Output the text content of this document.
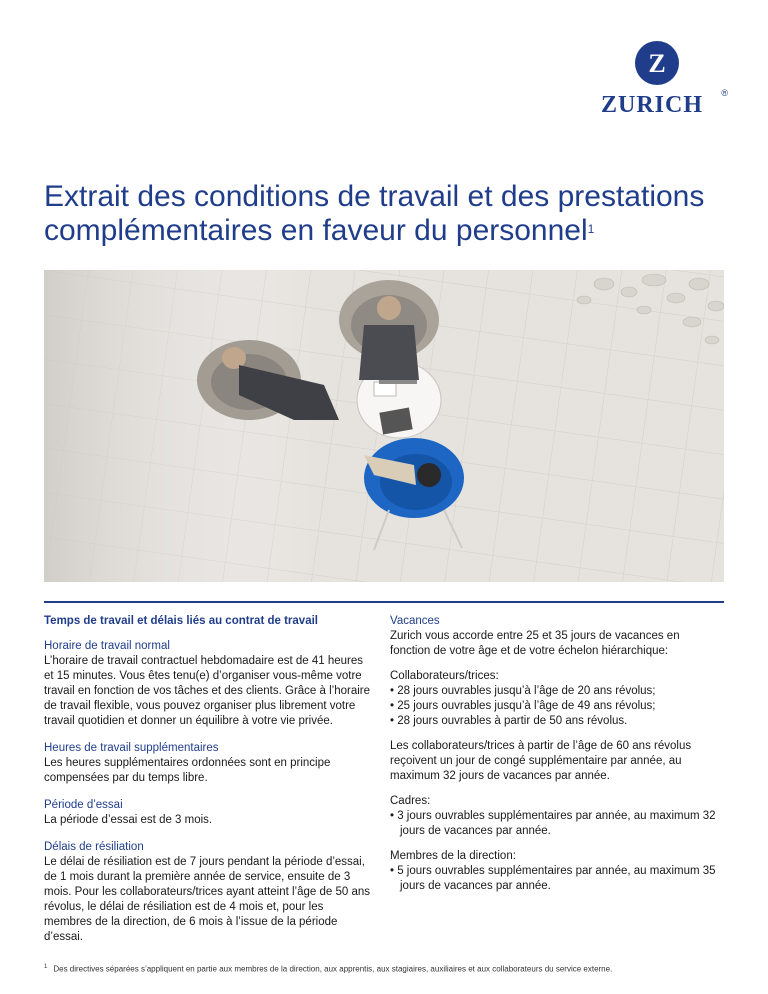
Z
ZURICH	®
Extrait des conditions de travail et des prestations complémentaires en faveur du personnel$^1$
Temps de travail et délais liés au contrat de travail
Horaire de travail normal

L’horaire de travail contractuel hebdomadaire est de 41 heures et 15 minutes. Vous êtes tenu(e) d’organiser vous-même votre travail en fonction de vos tâches et des clients. Grâce à l’horaire de travail flexible, vous pouvez organiser plus librement votre travail quotidien et donner un équilibre à votre vie privée.

Heures de travail supplémentaires

Les heures supplémentaires ordonnées sont en principe compensées par du temps libre.

Période d’essai

La période d’essai est de 3 mois.

Délais de résiliation

Le délai de résiliation est de 7 jours pendant la période d’essai, de 1 mois durant la première année de service, ensuite de 3 mois. Pour les collaborateurs/trices ayant atteint l’âge de 50 ans révolus, le délai de résiliation est de 4 mois et, pour les membres de la direction, de 6 mois à l’issue de la période d’essai.

Vacances

Zurich vous accorde entre 25 et 35 jours de vacances en fonction de votre âge et de votre échelon hiérarchique:

Collaborateurs/trices:
• 28 jours ouvrables jusqu’à l’âge de 20 ans révolus;
• 25 jours ouvrables jusqu’à l’âge de 49 ans révolus;
• 28 jours ouvrables à partir de 50 ans révolus.

Les collaborateurs/trices à partir de l’âge de 60 ans révolus reçoivent un jour de congé supplémentaire par année, au maximum 32 jours de vacances par année.

Cadres:
• 3 jours ouvrables supplémentaires par année, au maximum 32 jours de vacances par année.
Membres de la direction:
• 5 jours ouvrables supplémentaires par année, au maximum 35 jours de vacances par année.
$^1$ Des directives séparées s’appliquent en partie aux membres de la direction, aux apprentis, aux stagiaires, auxiliaires et aux collaborateurs du service externe.
